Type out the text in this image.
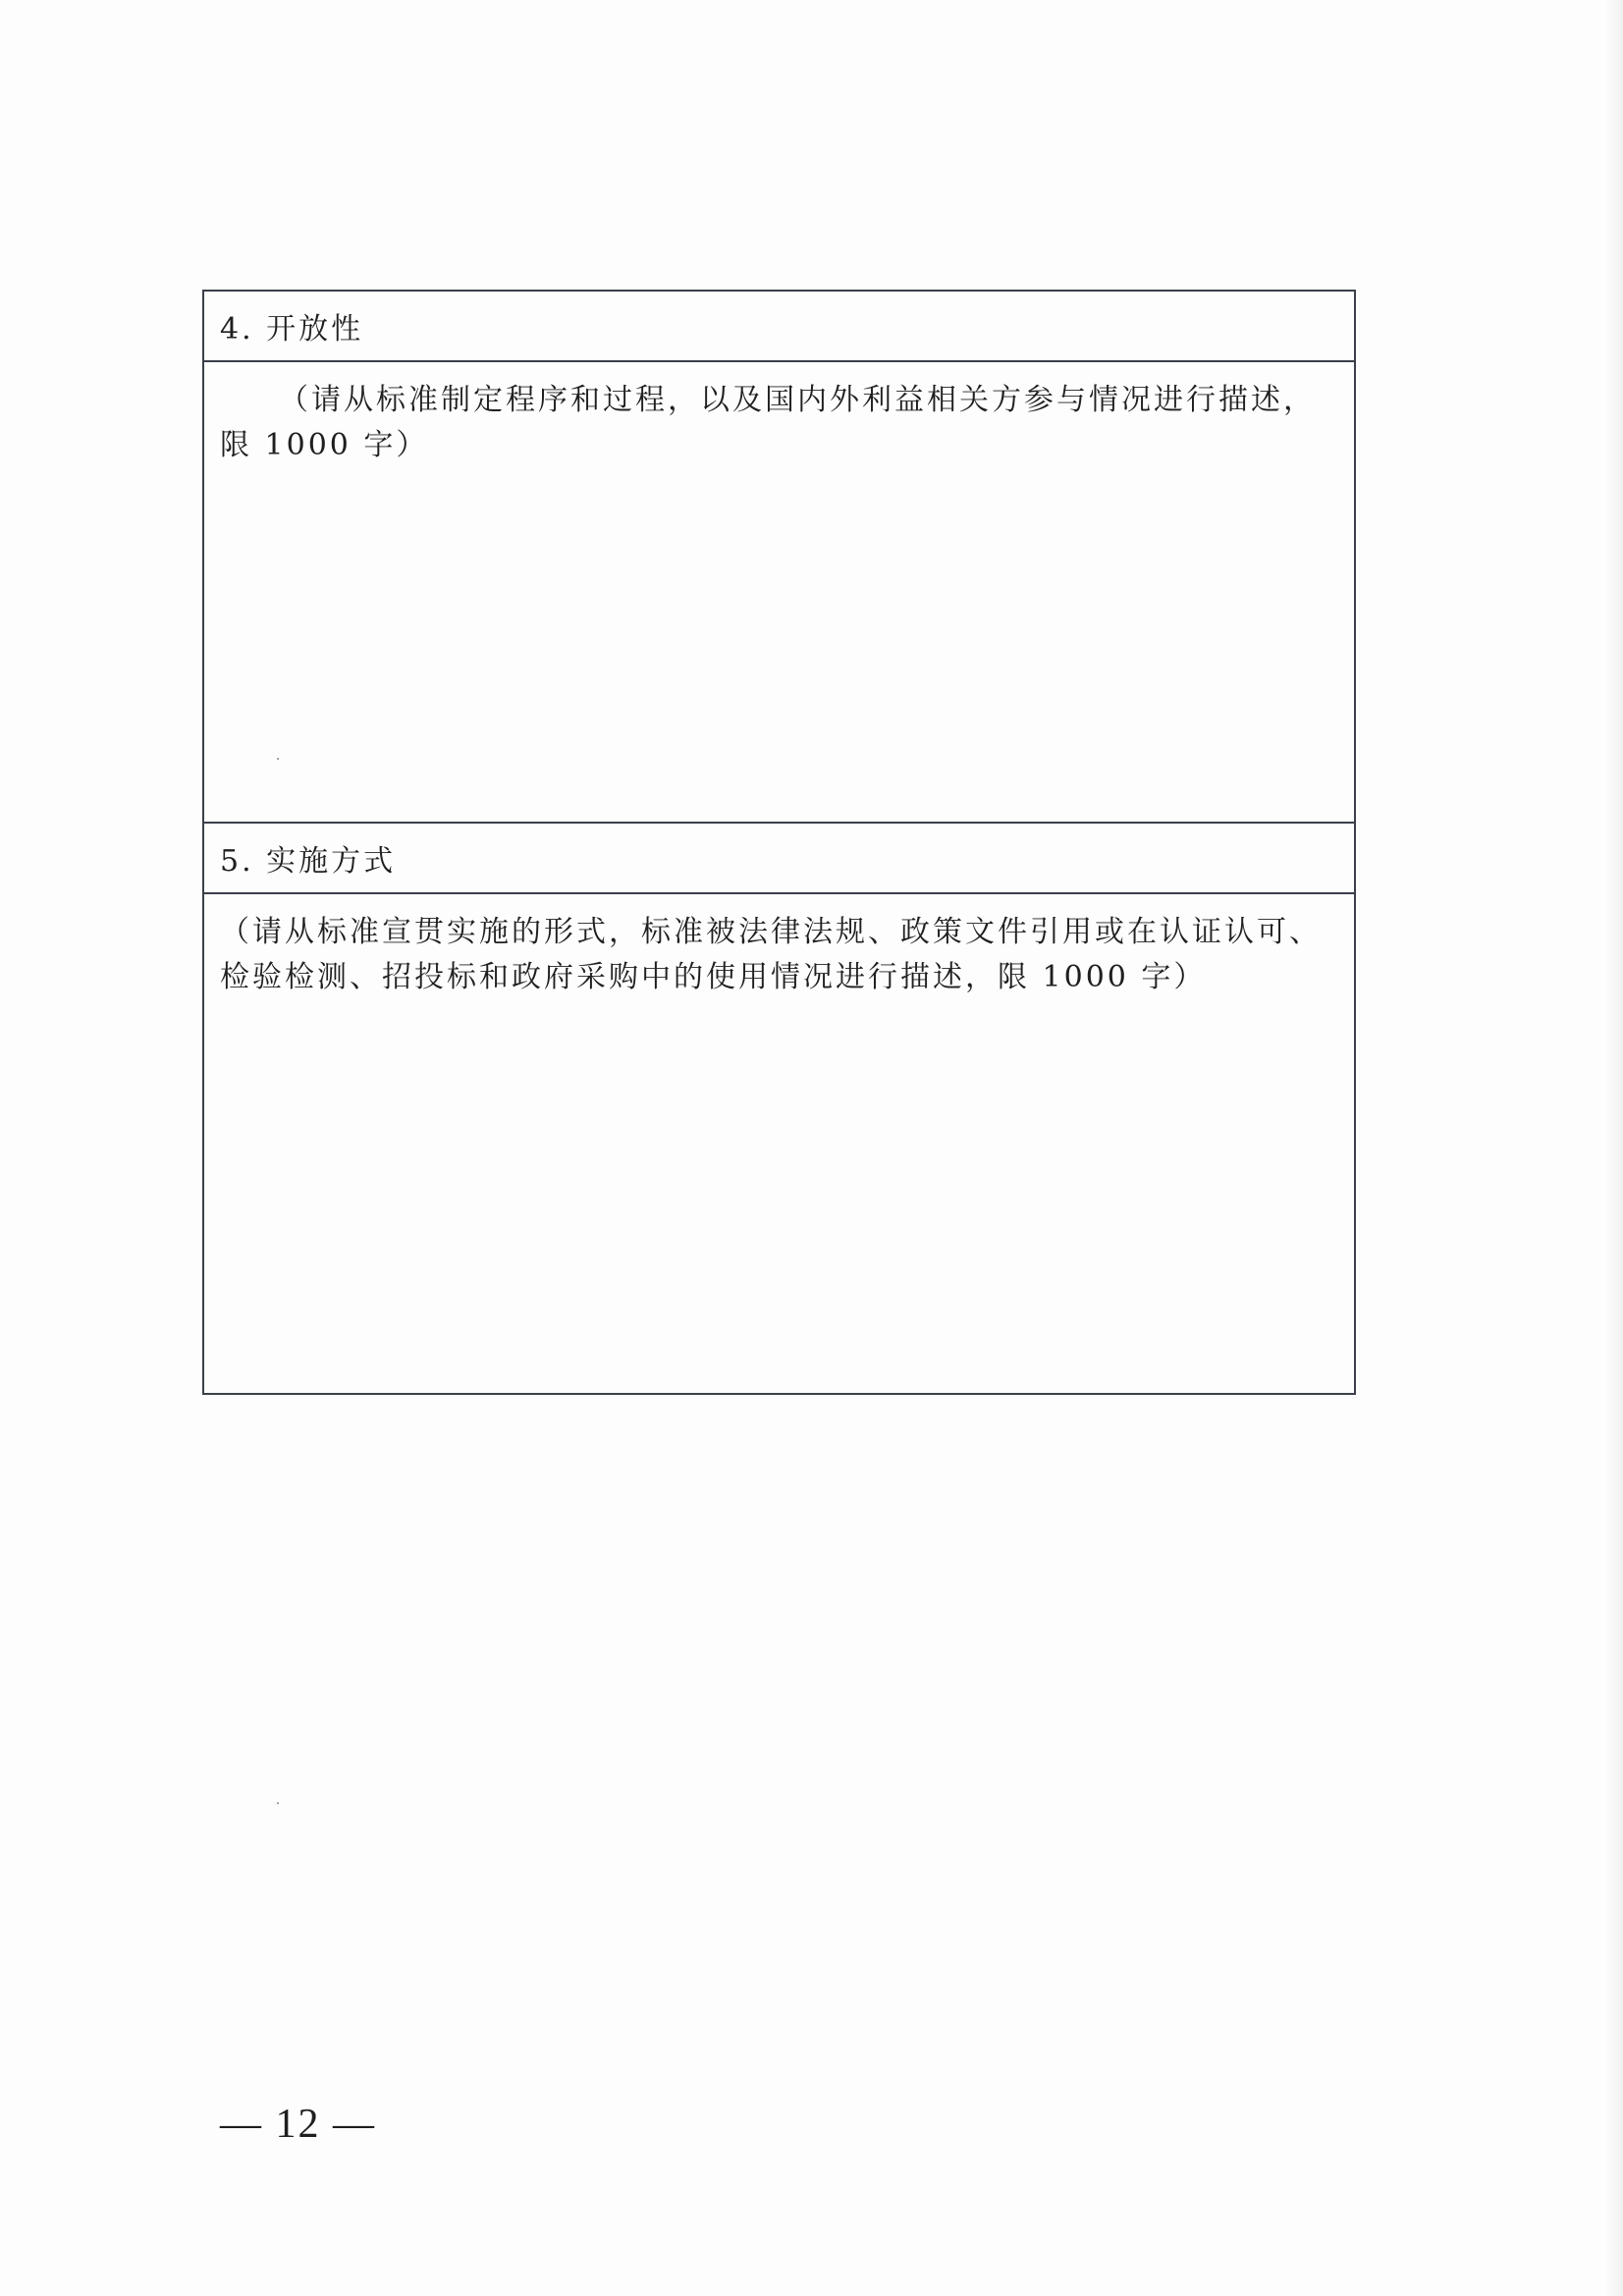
4. 开放性

（请从标准制定程序和过程，以及国内外利益相关方参与情况进行描述，限 1000 字）

5. 实施方式

（请从标准宣贯实施的形式，标准被法律法规、政策文件引用或在认证认可、检验检测、招投标和政府采购中的使用情况进行描述，限 1000 字）

— 12 —
